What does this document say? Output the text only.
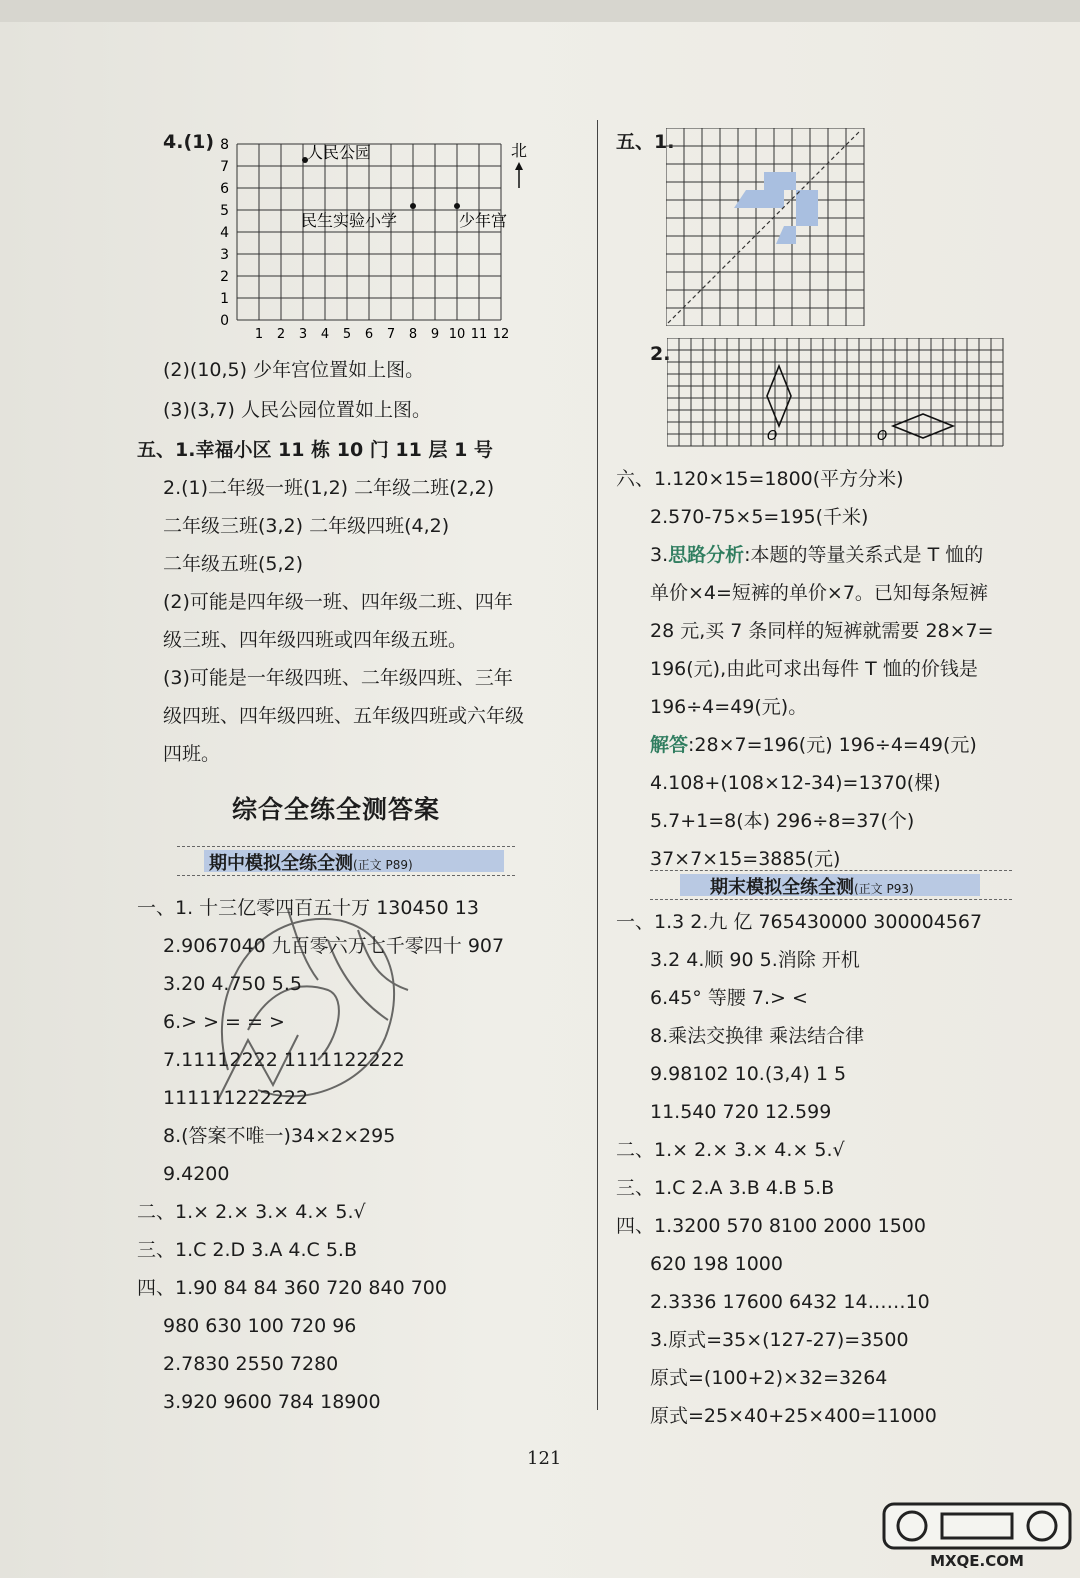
4.(1)
1 2 3 4 5 6 7 8 9 10 11 12
0
1
2
3
4
5
6
7
8	人民公园
民生实验小学	少年宫
北
(2)(10,5) 少年宫位置如上图。
(3)(3,7) 人民公园位置如上图。
五、1.幸福小区 11 栋 10 门 11 层 1 号
2.(1)二年级一班(1,2) 二年级二班(2,2)
二年级三班(3,2) 二年级四班(4,2)
二年级五班(5,2)
(2)可能是四年级一班、四年级二班、四年
级三班、四年级四班或四年级五班。
(3)可能是一年级四班、二年级四班、三年
级四班、四年级四班、五年级四班或六年级
四班。
综合全练全测答案
期中模拟全练全测(正文 P89)
一、1. 十三亿零四百五十万 130450 13
2.9067040 九百零六万七千零四十 907
3.20 4.750 5.5
6.> > = = >
7.11112222 1111122222
111111222222
8.(答案不唯一)34×2×295
9.4200
二、1.× 2.× 3.× 4.× 5.√
三、1.C 2.D 3.A 4.C 5.B
四、1.90 84 84 360 720 840 700
980 630 100 720 96
2.7830 2550 7280
3.920 9600 784 18900
五、1.
2.
O	O
六、1.120×15=1800(平方分米)
2.570-75×5=195(千米)
3.思路分析:本题的等量关系式是 T 恤的
单价×4=短裤的单价×7。已知每条短裤
28 元,买 7 条同样的短裤就需要 28×7=
196(元),由此可求出每件 T 恤的价钱是
196÷4=49(元)。
解答:28×7=196(元) 196÷4=49(元)
4.108+(108×12-34)=1370(棵)
5.7+1=8(本) 296÷8=37(个)
37×7×15=3885(元)
期末模拟全练全测(正文 P93)
一、1.3 2.九 亿 765430000 300004567
3.2 4.顺 90 5.消除 开机
6.45° 等腰 7.> <
8.乘法交换律 乘法结合律
9.98102 10.(3,4) 1 5
11.540 720 12.599
二、1.× 2.× 3.× 4.× 5.√
三、1.C 2.A 3.B 4.B 5.B
四、1.3200 570 8100 2000 1500
620 198 1000
2.3336 17600 6432 14……10
3.原式=35×(127-27)=3500
原式=(100+2)×32=3264
原式=25×40+25×400=11000
121
MXQE.COM
